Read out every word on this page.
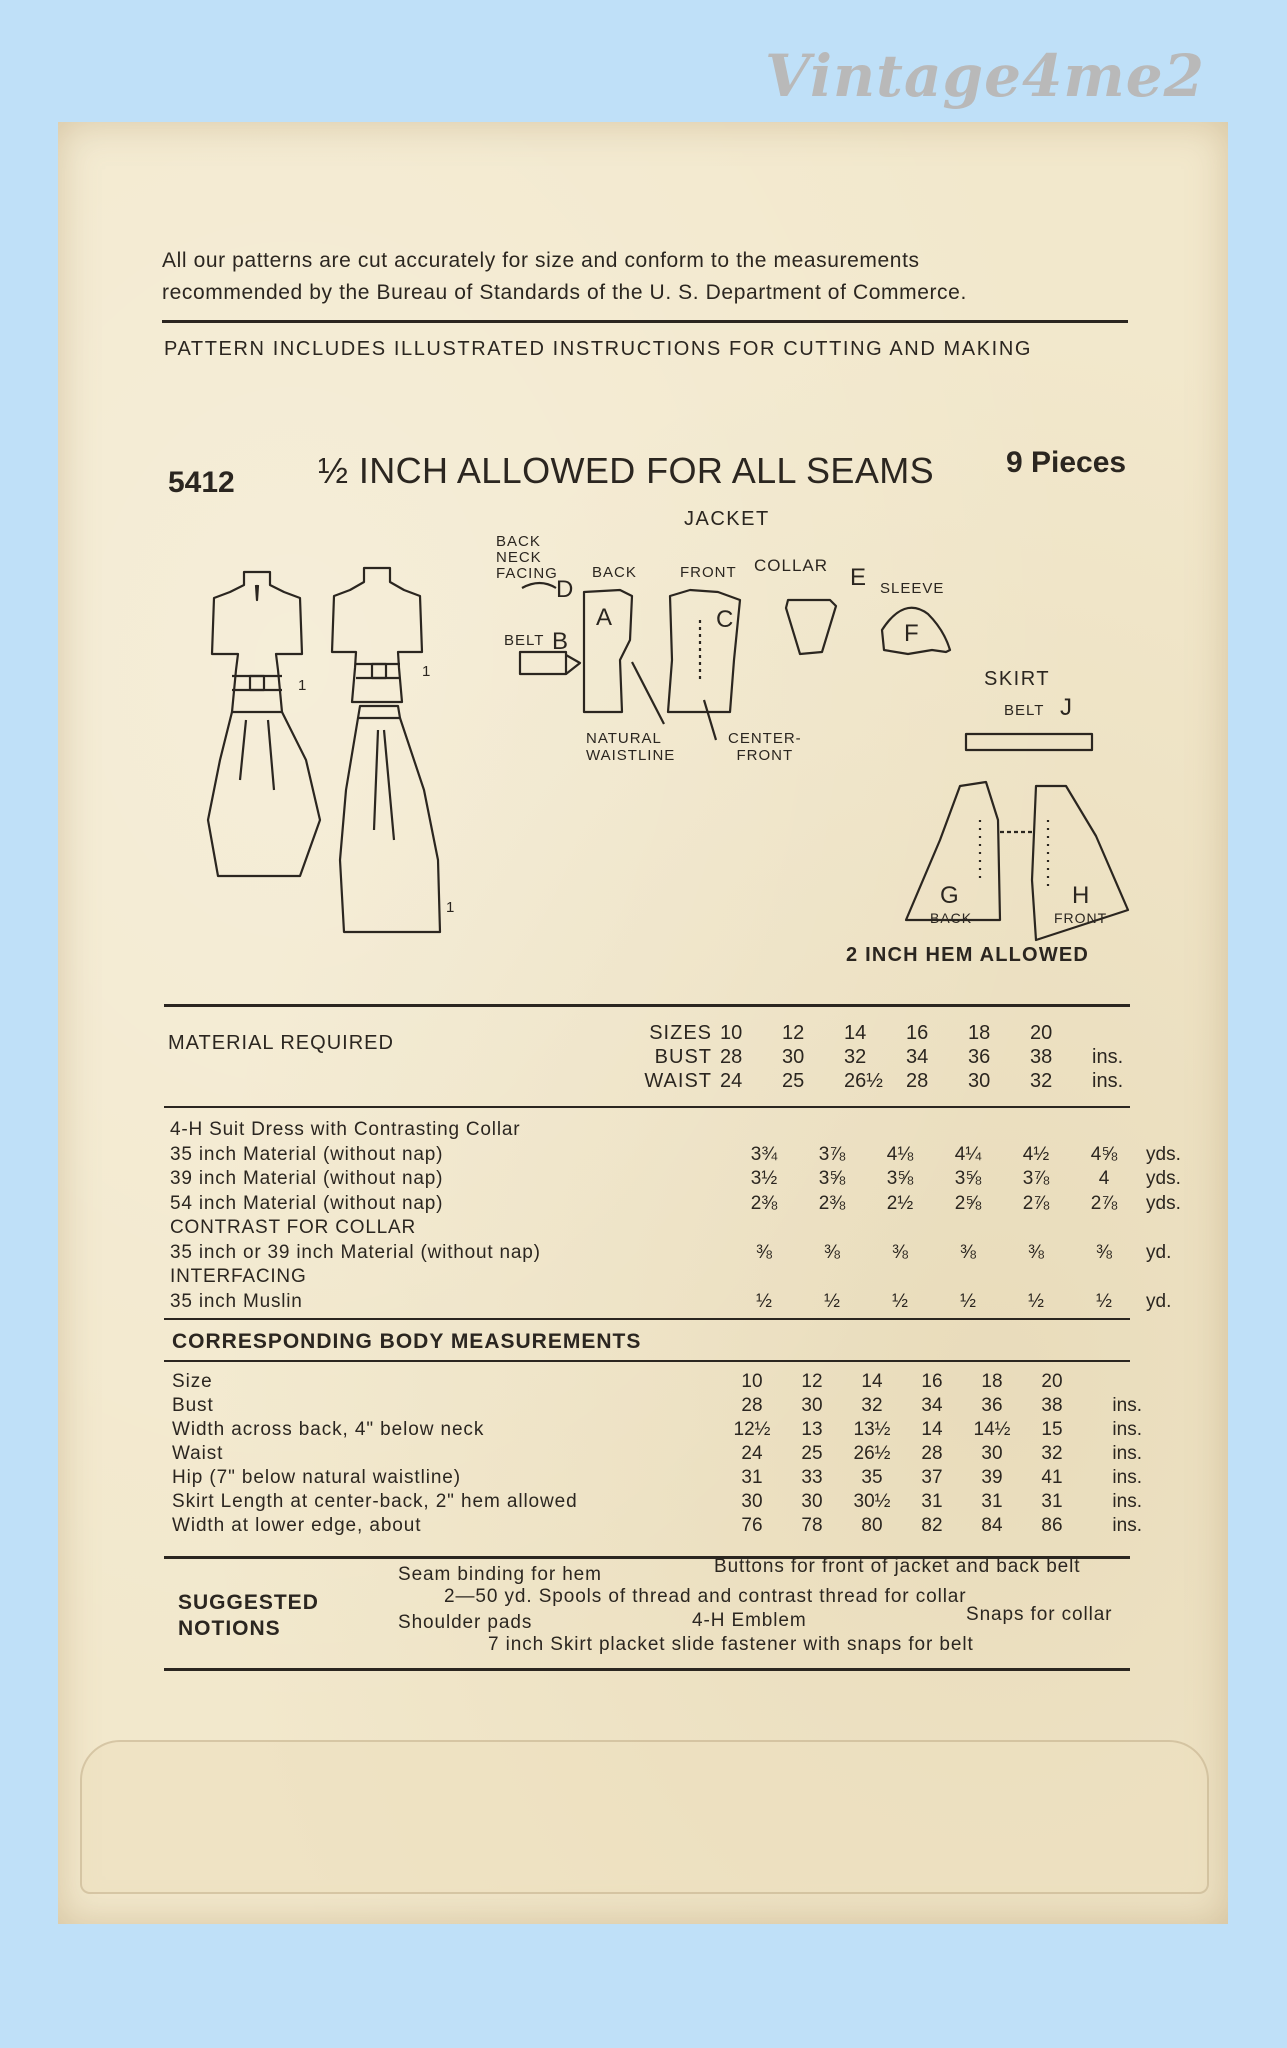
Vintage4me2
All our patterns are cut accurately for size and conform to the measurements
recommended by the Bureau of Standards of the U. S. Department of Commerce.
PATTERN INCLUDES ILLUSTRATED INSTRUCTIONS FOR CUTTING AND MAKING
5412 ½ INCH ALLOWED FOR ALL SEAMS 9 Pieces
1
1
1
BACK
NECK
FACING
JACKET
BACK	FRONT COLLAR
SLEEVE
BELT
NATURAL
WAISTLINE
CENTER-
FRONT
D
B
A	C
E
F
SKIRT
BELT J
G
BACK
H
FRONT
2 INCH HEM ALLOWED
MATERIAL REQUIRED	SIZES 10	12	14	16	18	20
BUST 28	30	32	34	36	38	ins.
WAIST 24	25	26½	28	30	32	ins.
4-H Suit Dress with Contrasting Collar							
35 inch Material (without nap)	3¾	3⅞	4⅛	4¼	4½	4⅝	yds.
39 inch Material (without nap)	3½	3⅝	3⅝	3⅝	3⅞	4	yds.
54 inch Material (without nap)	2⅜	2⅜	2½	2⅝	2⅞	2⅞	yds.
CONTRAST FOR COLLAR							
35 inch or 39 inch Material (without nap)	⅜	⅜	⅜	⅜	⅜	⅜	yd.
INTERFACING							
35 inch Muslin	½	½	½	½	½	½	yd.
CORRESPONDING BODY MEASUREMENTS
Size	10	12	14	16	18	20	
Bust	28	30	32	34	36	38	ins.
Width across back, 4" below neck	12½	13	13½	14	14½	15	ins.
Waist	24	25	26½	28	30	32	ins.
Hip (7" below natural waistline)	31	33	35	37	39	41	ins.
Skirt Length at center-back, 2" hem allowed	30	30	30½	31	31	31	ins.
Width at lower edge, about	76	78	80	82	84	86	ins.
SUGGESTED
NOTIONS
Seam binding for hem	Buttons for front of jacket and back belt
2—50 yd. Spools of thread and contrast thread for collar
Shoulder pads	4-H Emblem	Snaps for collar
7 inch Skirt placket slide fastener with snaps for belt
